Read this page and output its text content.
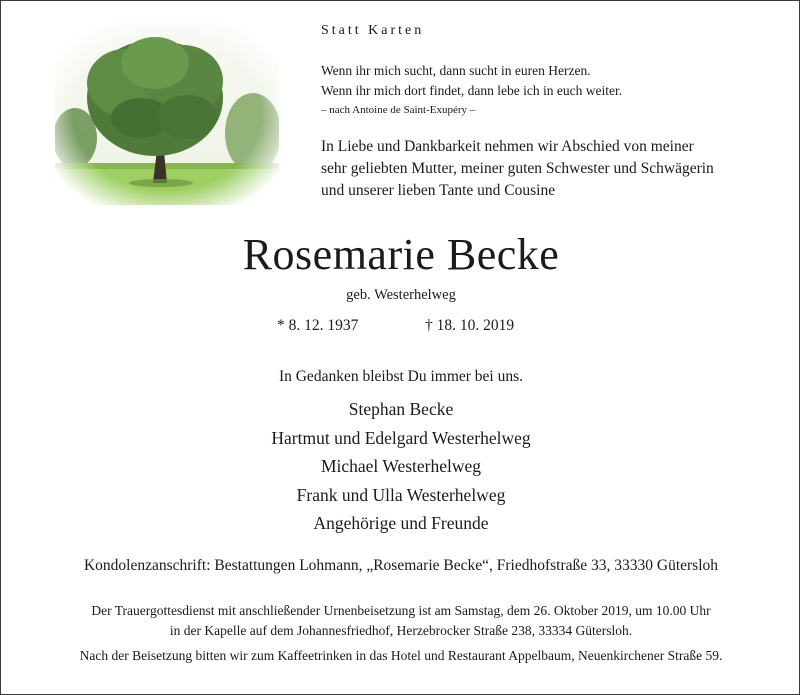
Statt Karten
Wenn ihr mich sucht, dann sucht in euren Herzen.
Wenn ihr mich dort findet, dann lebe ich in euch weiter.
– nach Antoine de Saint-Exupéry –
In Liebe und Dankbarkeit nehmen wir Abschied von meiner
sehr geliebten Mutter, meiner guten Schwester und Schwägerin
und unserer lieben Tante und Cousine
Rosemarie Becke
geb. Westerhelweg
* 8. 12. 1937	† 18. 10. 2019
In Gedanken bleibst Du immer bei uns.
Stephan Becke
Hartmut und Edelgard Westerhelweg
Michael Westerhelweg
Frank und Ulla Westerhelweg
Angehörige und Freunde
Kondolenzanschrift: Bestattungen Lohmann, „Rosemarie Becke“, Friedhofstraße 33, 33330 Gütersloh
Der Trauergottesdienst mit anschließender Urnenbeisetzung ist am Samstag, dem 26. Oktober 2019, um 10.00 Uhr
in der Kapelle auf dem Johannesfriedhof, Herzebrocker Straße 238, 33334 Gütersloh.
Nach der Beisetzung bitten wir zum Kaffeetrinken in das Hotel und Restaurant Appelbaum, Neuenkirchener Straße 59.
